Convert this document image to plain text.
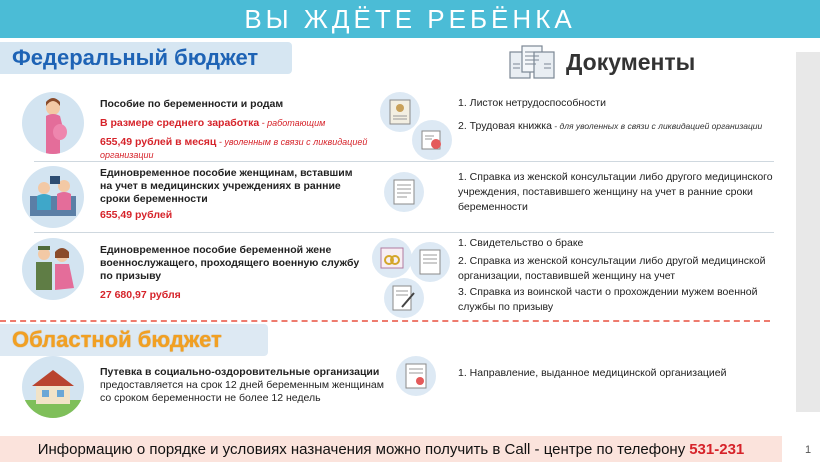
ВЫ ЖДЁТЕ РЕБЁНКА
Федеральный бюджет	Документы
Пособие по беременности и родам
В размере среднего заработка - работающим
655,49 рублей в месяц - уволенным в связи с ликвидацией организации
1. Листок нетрудоспособности
2. Трудовая книжка - для уволенных в связи с ликвидацией организации
Единовременное пособие женщинам, вставшим на учет в медицинских учреждениях в ранние сроки беременности
655,49 рублей
1. Справка из женской консультации либо другого медицинского учреждения, поставившего женщину на учет в ранние сроки беременности
Единовременное пособие беременной жене военнослужащего, проходящего военную службу по призыву
27 680,97 рубля
1. Свидетельство о браке
2. Справка из женской консультации либо другой медицинской организации, поставившей женщину на учет
3. Справка из воинской части о прохождении мужем военной службы по призыву
Областной бюджет
Путевка в социально-оздоровительные организации
предоставляется на срок 12 дней беременным женщинам со сроком беременности не более 12 недель
1. Направление, выданное медицинской организацией
Информацию о порядке и условиях назначения можно получить в Call - центре по телефону 531-231	1
